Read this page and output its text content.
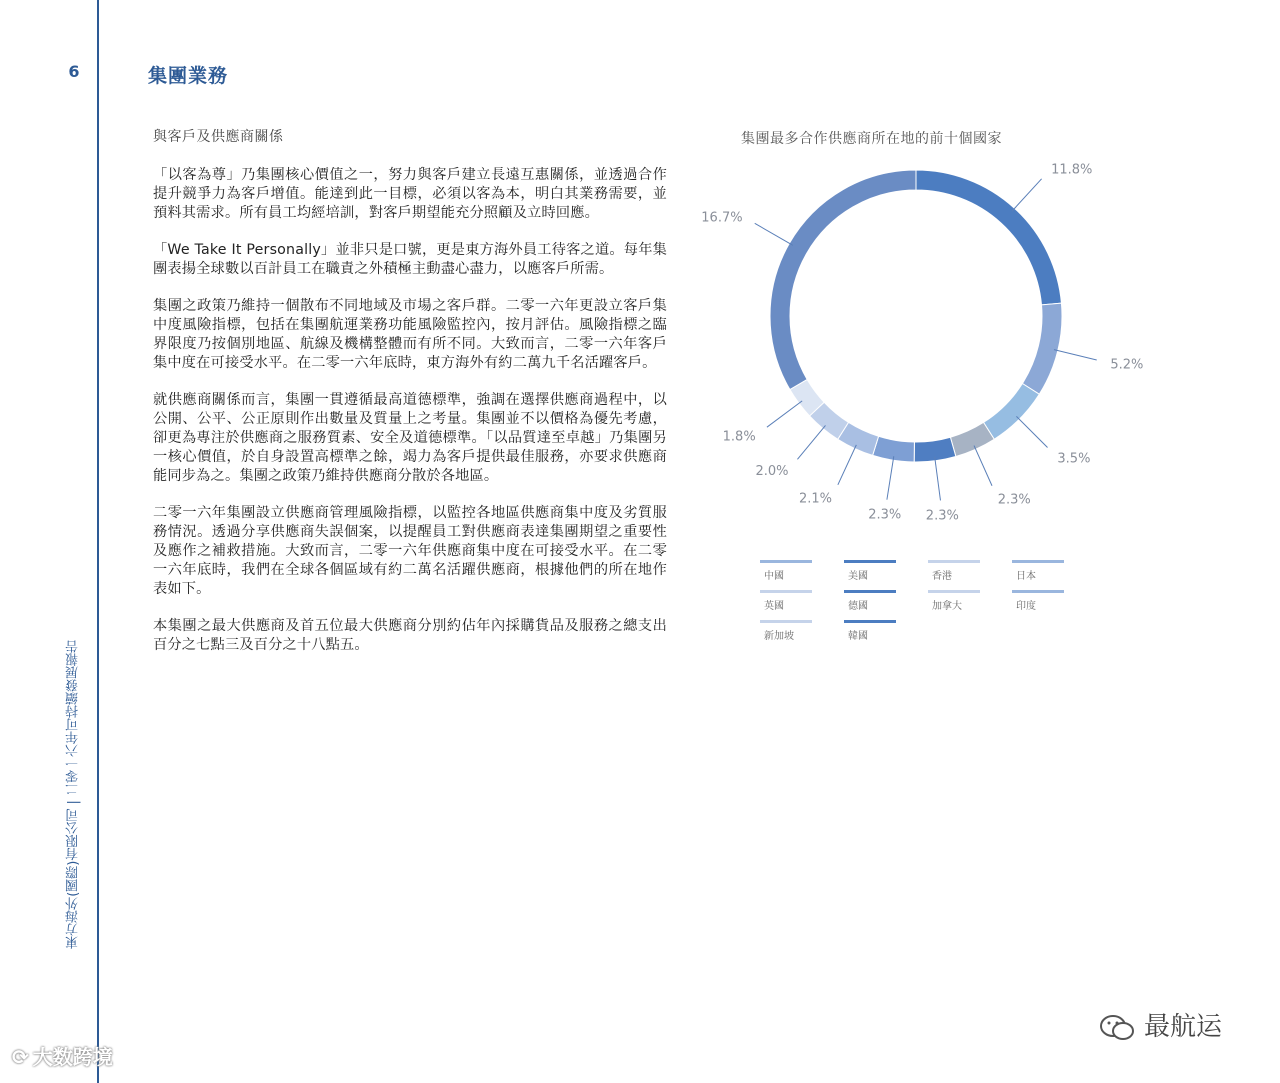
6	集團業務
東方海外(國際)有限公司 | 二零一六年可持續發展報告
與客戶及供應商關係

「以客為尊」乃集團核心價值之一，努力與客戶建立長遠互惠關係，並透過合作提升競爭力為客戶增值。能達到此一目標，必須以客為本，明白其業務需要，並預料其需求。所有員工均經培訓，對客戶期望能充分照顧及立時回應。

「We Take It Personally」並非只是口號，更是東方海外員工待客之道。每年集團表揚全球數以百計員工在職責之外積極主動盡心盡力，以應客戶所需。

集團之政策乃維持一個散布不同地域及市場之客戶群。二零一六年更設立客戶集中度風險指標，包括在集團航運業務功能風險監控內，按月評估。風險指標之臨界限度乃按個別地區、航線及機構整體而有所不同。大致而言，二零一六年客戶集中度在可接受水平。在二零一六年底時，東方海外有約二萬九千名活躍客戶。

就供應商關係而言，集團一貫遵循最高道德標準，強調在選擇供應商過程中，以公開、公平、公正原則作出數量及質量上之考量。集團並不以價格為優先考慮，卻更為專注於供應商之服務質素、安全及道德標準。「以品質達至卓越」乃集團另一核心價值，於自身設置高標準之餘，竭力為客戶提供最佳服務，亦要求供應商能同步為之。集團之政策乃維持供應商分散於各地區。

二零一六年集團設立供應商管理風險指標，以監控各地區供應商集中度及劣質服務情況。透過分享供應商失誤個案，以提醒員工對供應商表達集團期望之重要性及應作之補救措施。大致而言，二零一六年供應商集中度在可接受水平。在二零一六年底時，我們在全球各個區域有約二萬名活躍供應商，根據他們的所在地作表如下。

本集團之最大供應商及首五位最大供應商分別約佔年內採購貨品及服務之總支出百分之七點三及百分之十八點五。

集團最多合作供應商所在地的前十個國家
11.8%
5.2%
3.5%
2.3%
2.3%
2.3%
2.1%
2.0%
1.8%
16.7%
中國	美國	香港	日本
英國	德國	加拿大	印度
新加坡	韓國
⟳ 大数跨境
最航运
